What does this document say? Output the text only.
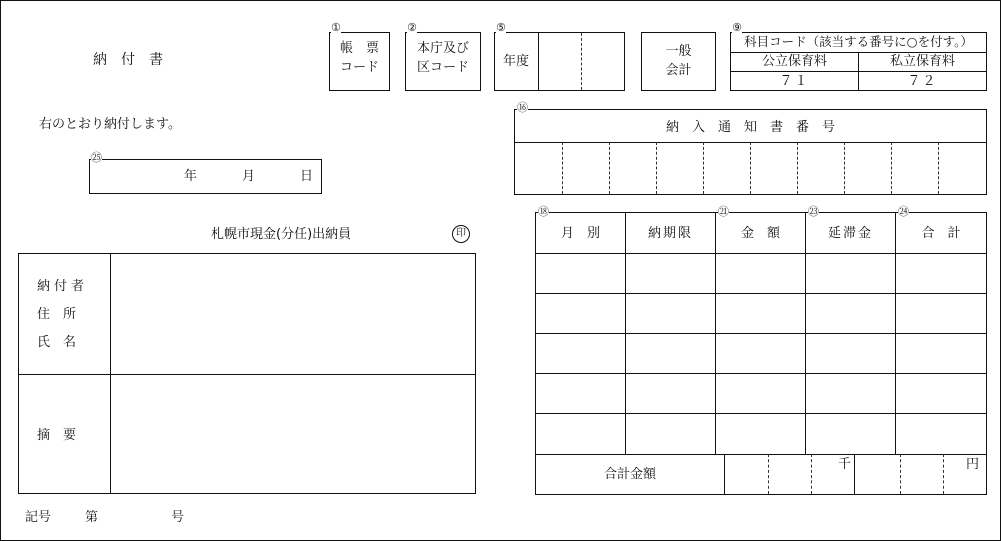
納　付　書
帳　票
コード
①
本庁及び
区コード
②
年度
⑤
一般
会計
科目コード（該当する番号に○を付す。）
公立保育料	私立保育料
７１	７２
⑨
右のとおり納付します。
年	月	日
㉕
納　入　通　知　書　番　号
⑯
札幌市現金(分任)出納員	印
納付者
住　所
氏　名
摘　要
記号	第	号
月　別	納期限	金　額	延滞金	合　計
合計金額
千	円
⑱	㉑	㉓	㉔
